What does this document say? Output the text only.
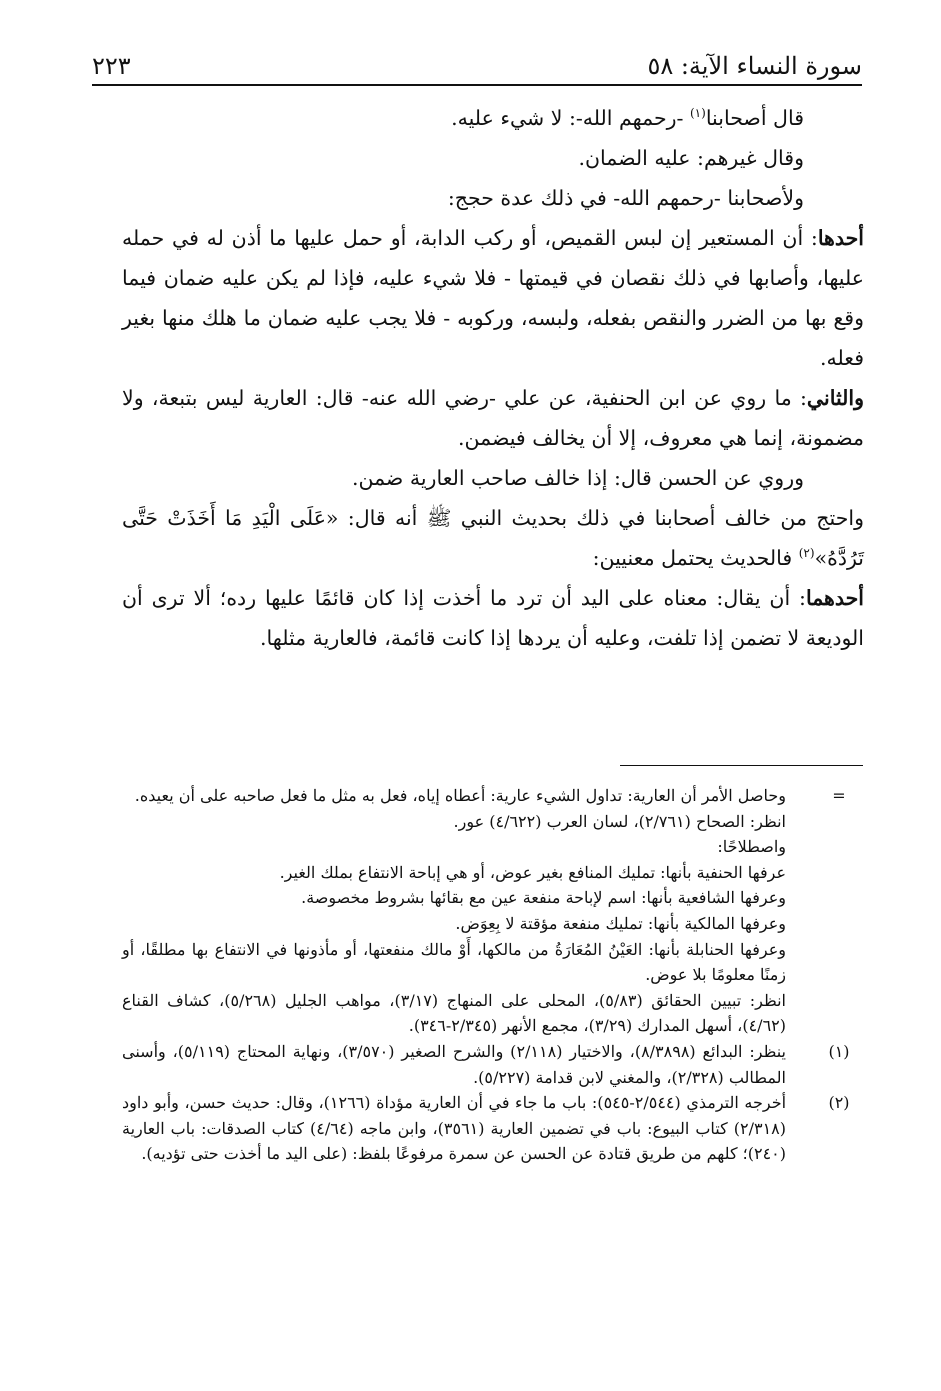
سورة النساء الآية: ٥٨
٢٢٣

قال أصحابنا$^{(١)}$ -رحمهم الله-: لا شيء عليه.

وقال غيرهم: عليه الضمان.

ولأصحابنا -رحمهم الله- في ذلك عدة حجج:

أحدها: أن المستعير إن لبس القميص، أو ركب الدابة، أو حمل عليها ما أذن له في حمله عليها، وأصابها في ذلك نقصان في قيمتها - فلا شيء عليه، فإذا لم يكن عليه ضمان فيما وقع بها من الضرر والنقص بفعله، ولبسه، وركوبه - فلا يجب عليه ضمان ما هلك منها بغير فعله.

والثاني: ما روي عن ابن الحنفية، عن علي -رضي الله عنه- قال: العارية ليس بتبعة، ولا مضمونة، إنما هي معروف، إلا أن يخالف فيضمن.

وروي عن الحسن قال: إذا خالف صاحب العارية ضمن.

واحتج من خالف أصحابنا في ذلك بحديث النبي ﷺ أنه قال: «عَلَى الْيَدِ مَا أَخَذَتْ حَتَّى تَرُدَّهُ»$^{(٢)}$ فالحديث يحتمل معنيين:

أحدهما: أن يقال: معناه على اليد أن ترد ما أخذت إذا كان قائمًا عليها رده؛ ألا ترى أن الوديعة لا تضمن إذا تلفت، وعليه أن يردها إذا كانت قائمة، فالعارية مثلها.

=
وحاصل الأمر أن العارية: تداول الشيء عارية: أعطاه إياه، فعل به مثل ما فعل صاحبه على أن يعيده.

انظر: الصحاح (٢/٧٦١)، لسان العرب (٤/٦٢٢) عور.

واصطلاحًا:

عرفها الحنفية بأنها: تمليك المنافع بغير عوض، أو هي إباحة الانتفاع بملك الغير.

وعرفها الشافعية بأنها: اسم لإباحة منفعة عين مع بقائها بشروط مخصوصة.

وعرفها المالكية بأنها: تمليك منفعة مؤقتة لا بِعِوَض.

وعرفها الحنابلة بأنها: العَيْنُ المُعَارَةُ من مالكها، أَوْ مالك منفعتها، أو مأذونها في الانتفاع بها مطلقًا، أو زمنًا معلومًا بلا عوض.

انظر: تبيين الحقائق (٥/٨٣)، المحلى على المنهاج (٣/١٧)، مواهب الجليل (٥/٢٦٨)، كشاف القناع (٤/٦٢)، أسهل المدارك (٣/٢٩)، مجمع الأنهر (٢/٣٤٥-٣٤٦).

(١)
ينظر: البدائع (٨/٣٨٩٨)، والاختيار (٢/١١٨) والشرح الصغير (٣/٥٧٠)، ونهاية المحتاج (٥/١١٩)، وأسنى المطالب (٢/٣٢٨)، والمغني لابن قدامة (٥/٢٢٧).

(٢)
أخرجه الترمذي (٢/٥٤٤-٥٤٥): باب ما جاء في أن العارية مؤداة (١٢٦٦)، وقال: حديث حسن، وأبو داود (٢/٣١٨) كتاب البيوع: باب في تضمين العارية (٣٥٦١)، وابن ماجه (٤/٦٤) كتاب الصدقات: باب العارية (٢٤٠)؛ كلهم من طريق قتادة عن الحسن عن سمرة مرفوعًا بلفظ: (على اليد ما أخذت حتى تؤديه).
